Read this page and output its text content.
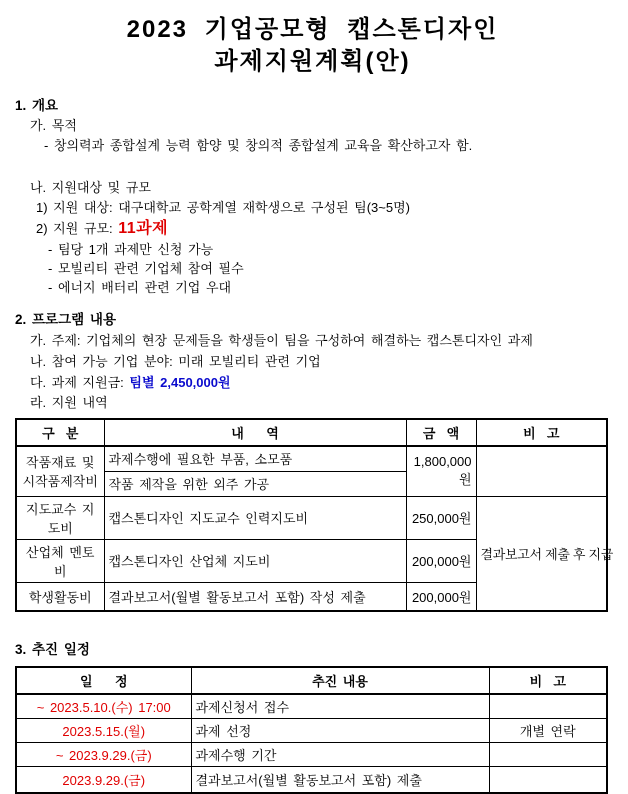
2023 기업공모형 캡스톤디자인
과제지원계획(안)
1. 개요
가. 목적
- 창의력과 종합설계 능력 함양 및 창의적 종합설계 교육을 확산하고자 함.
나. 지원대상 및 규모
1) 지원 대상: 대구대학교 공학계열 재학생으로 구성된 팀(3~5명)
2) 지원 규모: 11과제
- 팀당 1개 과제만 신청 가능
- 모빌리티 관련 기업체 참여 필수
- 에너지 배터리 관련 기업 우대
2. 프로그램 내용
가. 주제: 기업체의 현장 문제들을 학생들이 팀을 구성하여 해결하는 캡스톤디자인 과제
나. 참여 가능 기업 분야: 미래 모빌리티 관련 기업
다. 과제 지원금: 팀별 2,450,000원
라. 지원 내역
구  분	내    역	금  액	비  고
작품재료 및 시작품제작비	과제수행에 필요한 부품, 소모품	1,800,000원	
	작품 제작을 위한 외주 가공		
지도교수 지도비	캡스톤디자인 지도교수 인력지도비	250,000원	결과보고서 제출 후 지급
산업체 멘토비	캡스톤디자인 산업체 지도비	200,000원	
학생활동비	결과보고서(월별 활동보고서 포함) 작성 제출	200,000원	
3. 추진 일정
일    정	추진 내용	비  고
~ 2023.5.10.(수) 17:00	과제신청서 접수	
2023.5.15.(월)	과제 선정	개별 연락
~ 2023.9.29.(금)	과제수행 기간	
2023.9.29.(금)	결과보고서(월별 활동보고서 포함) 제출	
